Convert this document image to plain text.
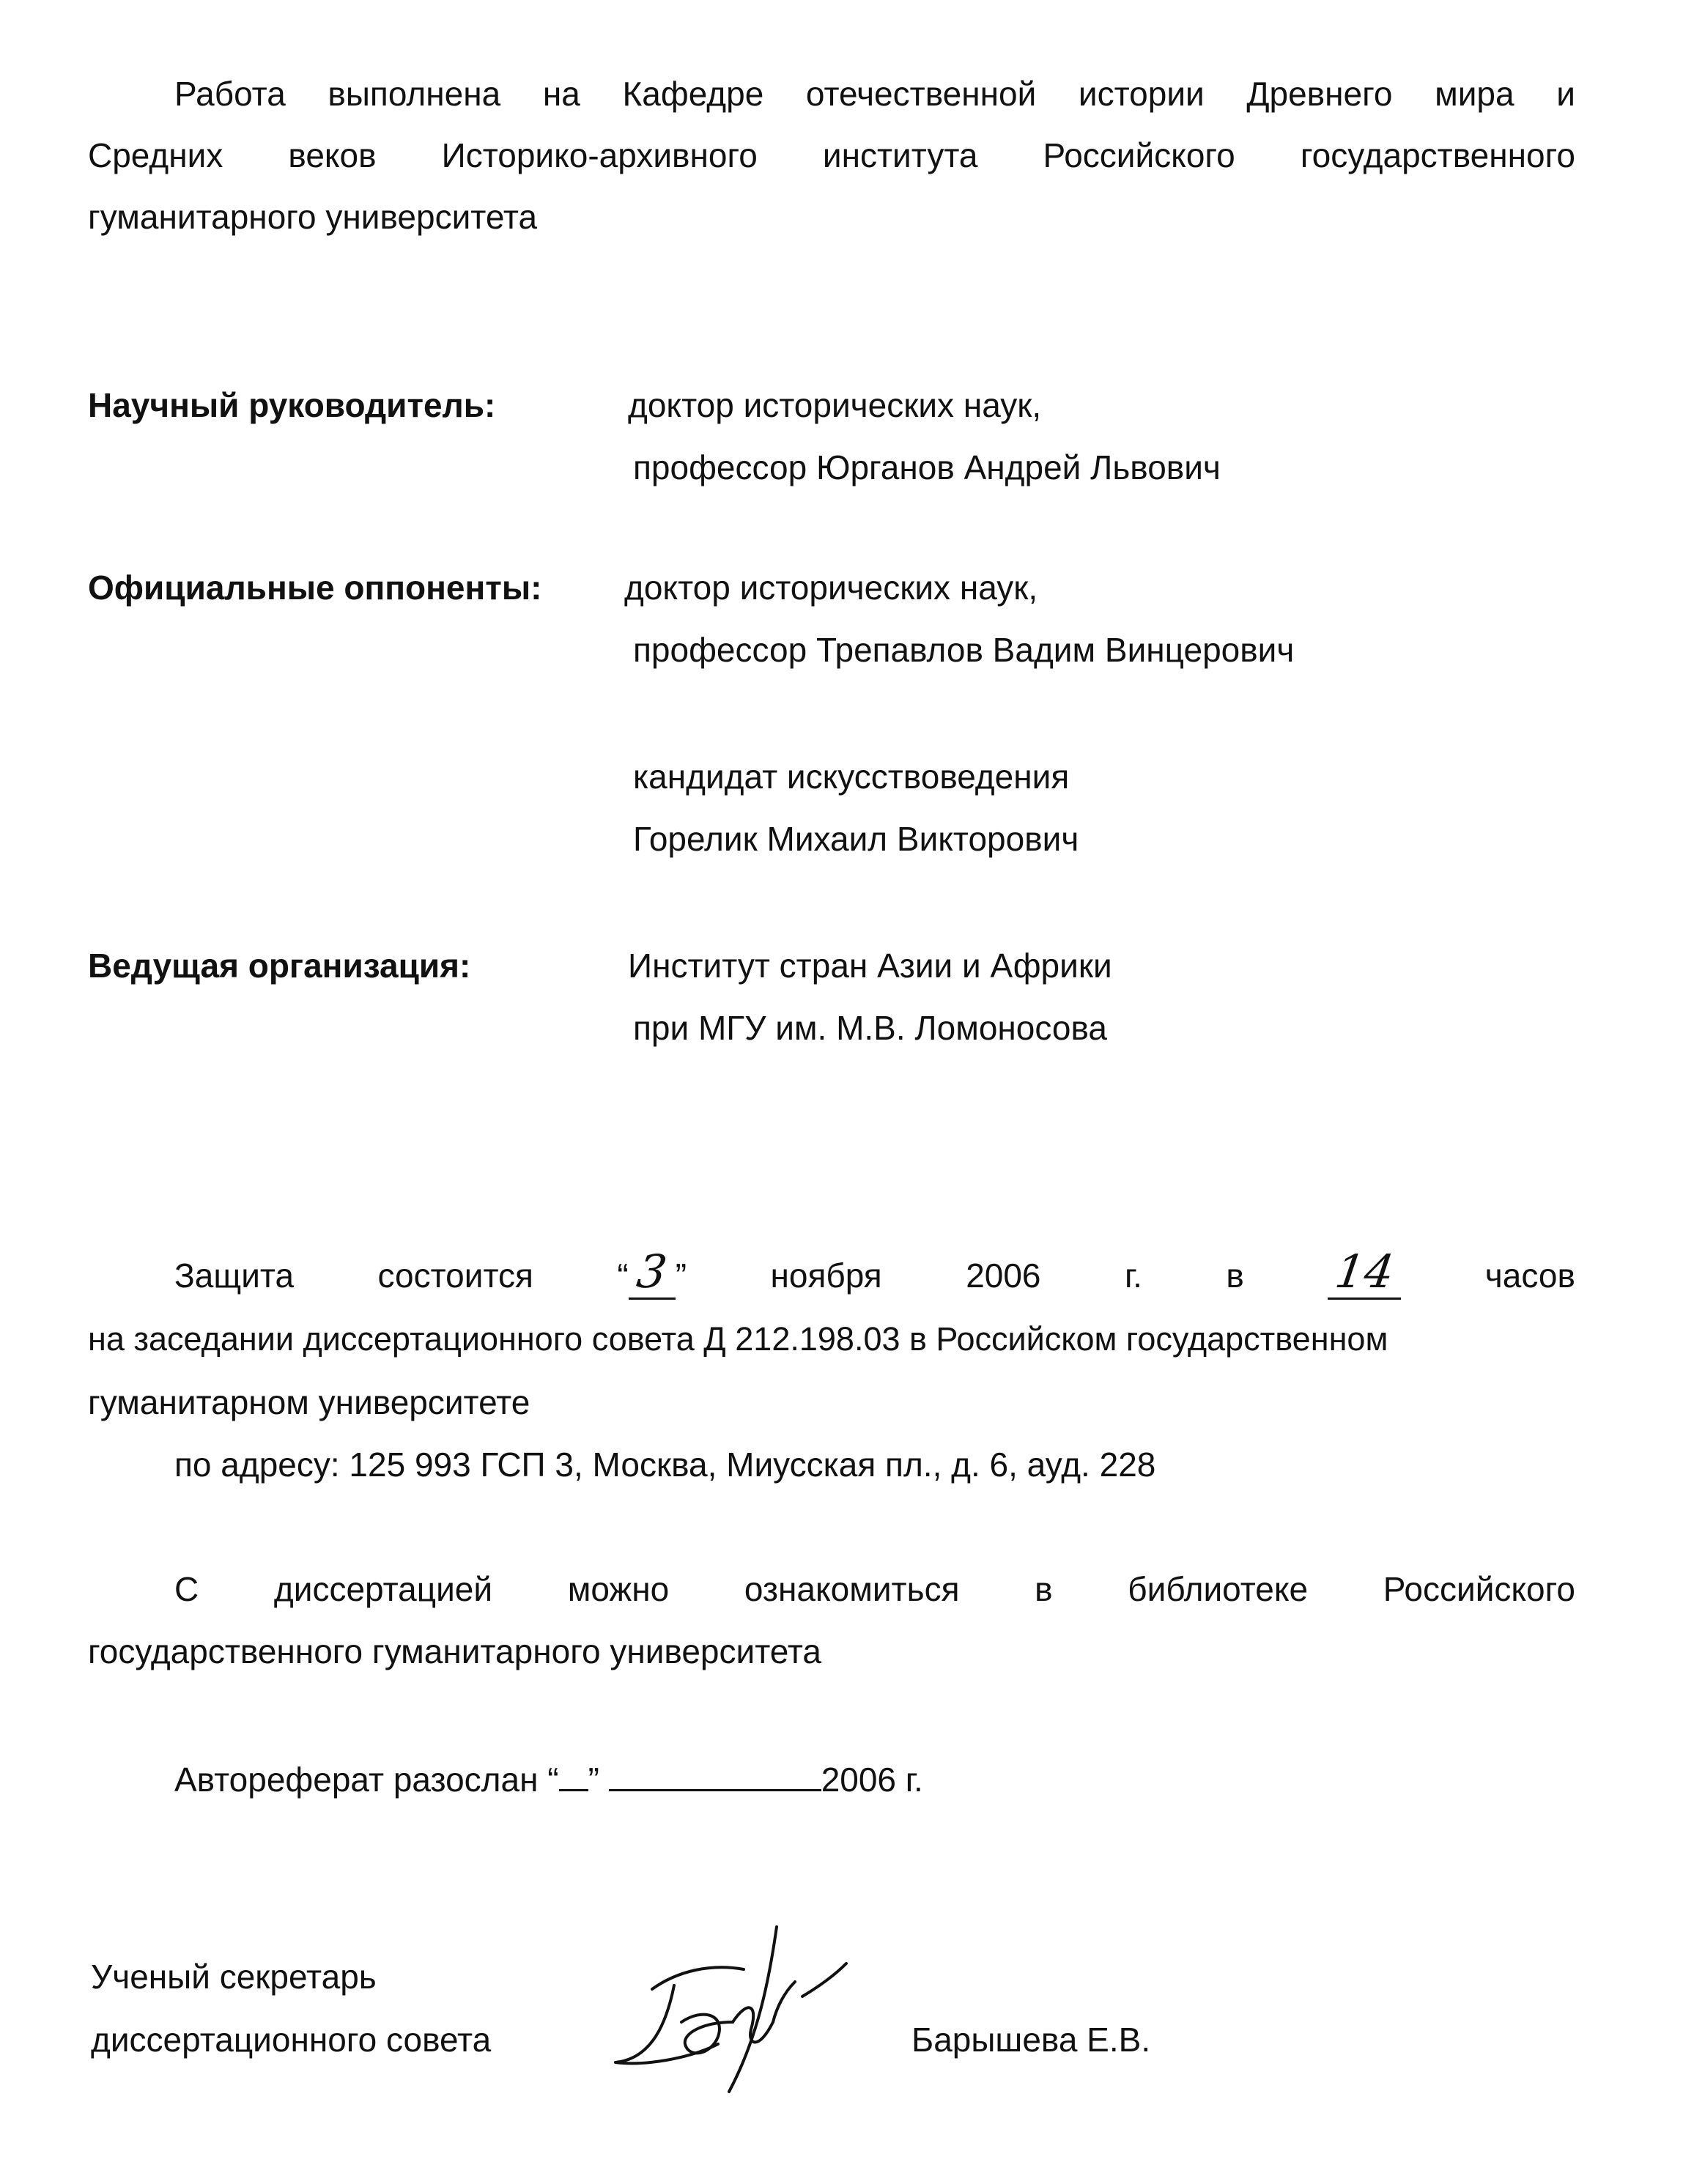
Работа выполнена на Кафедре отечественной истории Древнего мира и
Средних веков Историко-архивного института Российского государственного
гуманитарного университета
Научный руководитель:	доктор исторических наук,
профессор Юрганов Андрей Львович
Официальные оппоненты: доктор исторических наук,
профессор Трепавлов Вадим Винцерович
кандидат искусствоведения
Горелик Михаил Викторович
Ведущая организация:	Институт стран Азии и Африки
при МГУ им. М.В. Ломоносова
Защита состоится “ 3 ” ноября 2006 г. в 14	часов
на заседании диссертационного совета Д 212.198.03 в Российском государственном
гуманитарном университете
по адресу: 125 993 ГСП 3, Москва, Миусская пл., д. 6, ауд. 228
С диссертацией можно ознакомиться в библиотеке Российского
государственного гуманитарного университета
Автореферат разослан “ ”	2006 г.
Ученый секретарь
диссертационного совета	Барышева Е.В.
